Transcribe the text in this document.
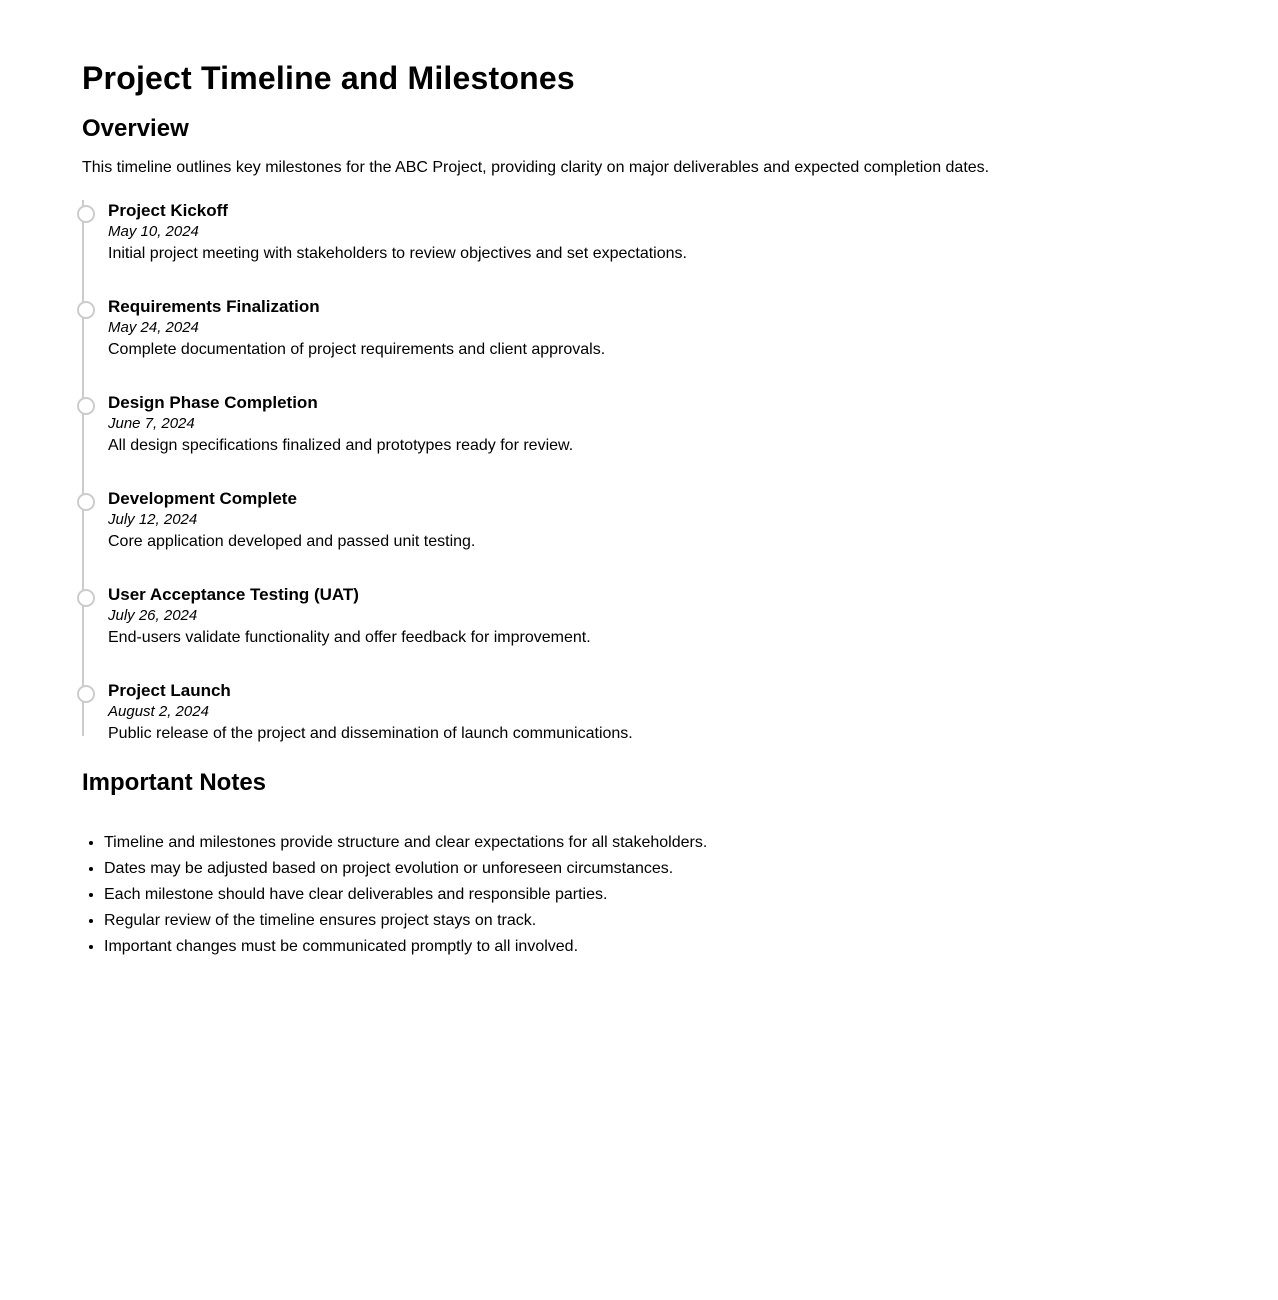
Project Timeline and Milestones
Overview

This timeline outlines key milestones for the ABC Project, providing clarity on major deliverables and expected completion dates.

Project Kickoff
May 10, 2024
Initial project meeting with stakeholders to review objectives and set expectations.
Requirements Finalization
May 24, 2024
Complete documentation of project requirements and client approvals.
Design Phase Completion
June 7, 2024
All design specifications finalized and prototypes ready for review.
Development Complete
July 12, 2024
Core application developed and passed unit testing.
User Acceptance Testing (UAT)
July 26, 2024
End-users validate functionality and offer feedback for improvement.
Project Launch
August 2, 2024
Public release of the project and dissemination of launch communications.
Important Notes
• Timeline and milestones provide structure and clear expectations for all stakeholders.
• Dates may be adjusted based on project evolution or unforeseen circumstances.
• Each milestone should have clear deliverables and responsible parties.
• Regular review of the timeline ensures project stays on track.
• Important changes must be communicated promptly to all involved.
